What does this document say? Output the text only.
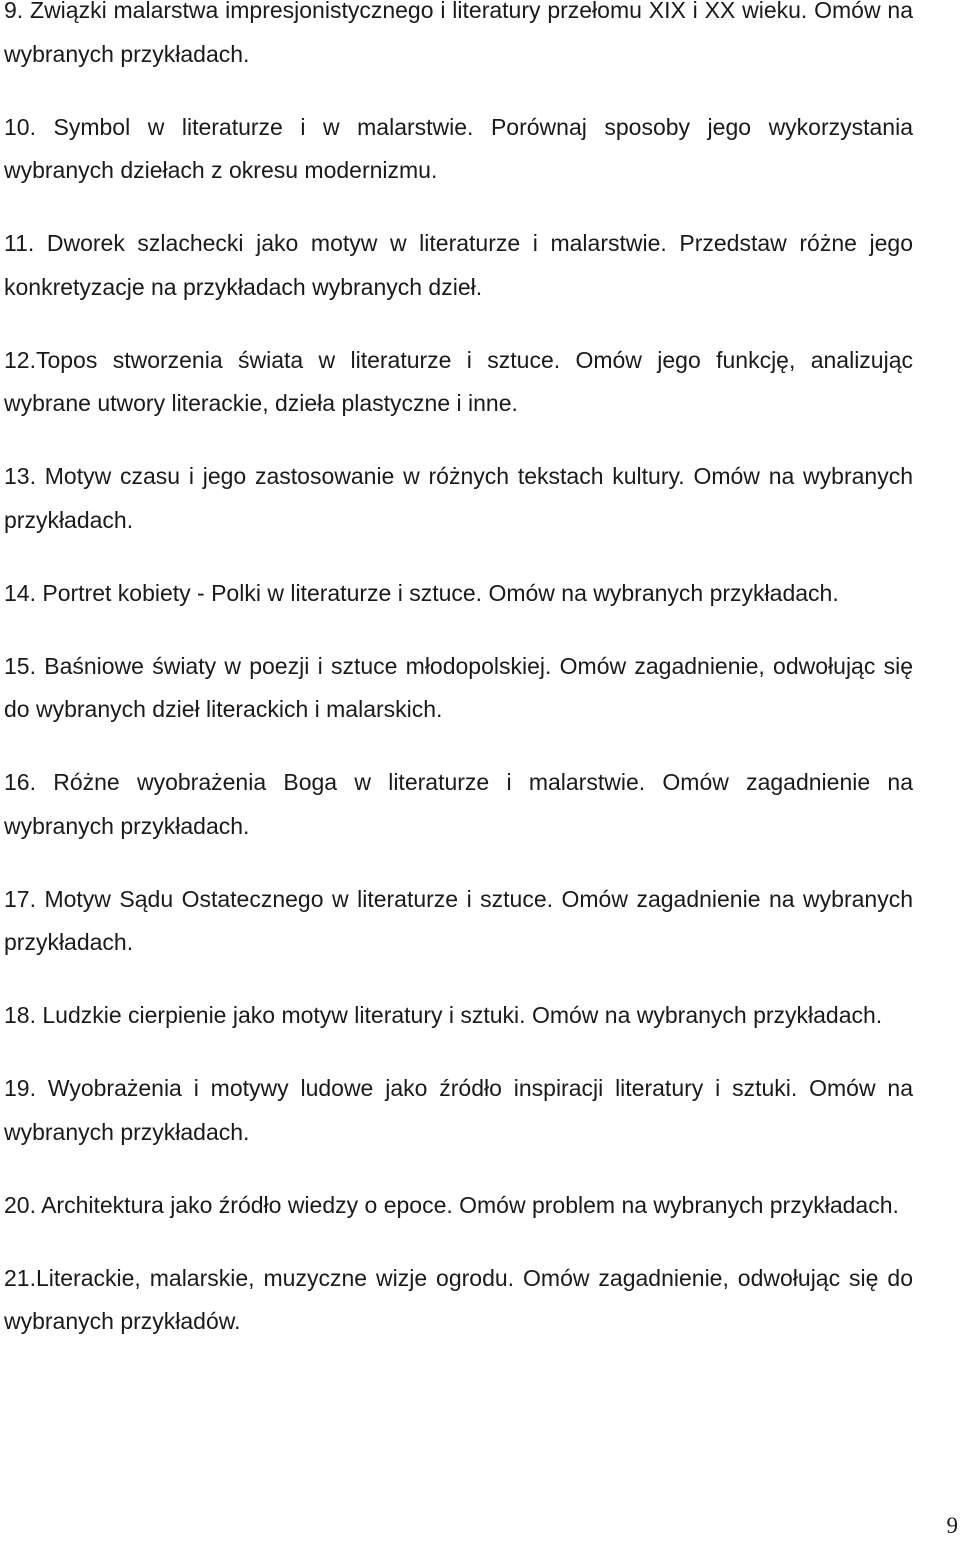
9. Związki malarstwa impresjonistycznego i literatury przełomu XIX i XX wieku. Omów na wybranych przykładach.

10. Symbol w literaturze i w malarstwie. Porównaj sposoby jego wykorzystania wybranych dziełach z okresu modernizmu.

11. Dworek szlachecki jako motyw w literaturze i malarstwie. Przedstaw różne jego konkretyzacje na przykładach wybranych dzieł.

12.Topos stworzenia świata w literaturze i sztuce. Omów jego funkcję, analizując wybrane utwory literackie, dzieła plastyczne i inne.

13. Motyw czasu i jego zastosowanie w różnych tekstach kultury. Omów na wybranych przykładach.

14. Portret kobiety - Polki w literaturze i sztuce. Omów na wybranych przykładach.

15. Baśniowe światy w poezji i sztuce młodopolskiej. Omów zagadnienie, odwołując się do wybranych dzieł literackich i malarskich.

16. Różne wyobrażenia Boga w literaturze i malarstwie. Omów zagadnienie na wybranych przykładach.

17. Motyw Sądu Ostatecznego w literaturze i sztuce. Omów zagadnienie na wybranych przykładach.

18. Ludzkie cierpienie jako motyw literatury i sztuki. Omów na wybranych przykładach.

19. Wyobrażenia i motywy ludowe jako źródło inspiracji literatury i sztuki. Omów na wybranych przykładach.

20. Architektura jako źródło wiedzy o epoce. Omów problem na wybranych przykładach.

21.Literackie, malarskie, muzyczne wizje ogrodu. Omów zagadnienie, odwołując się do wybranych przykładów.

9
